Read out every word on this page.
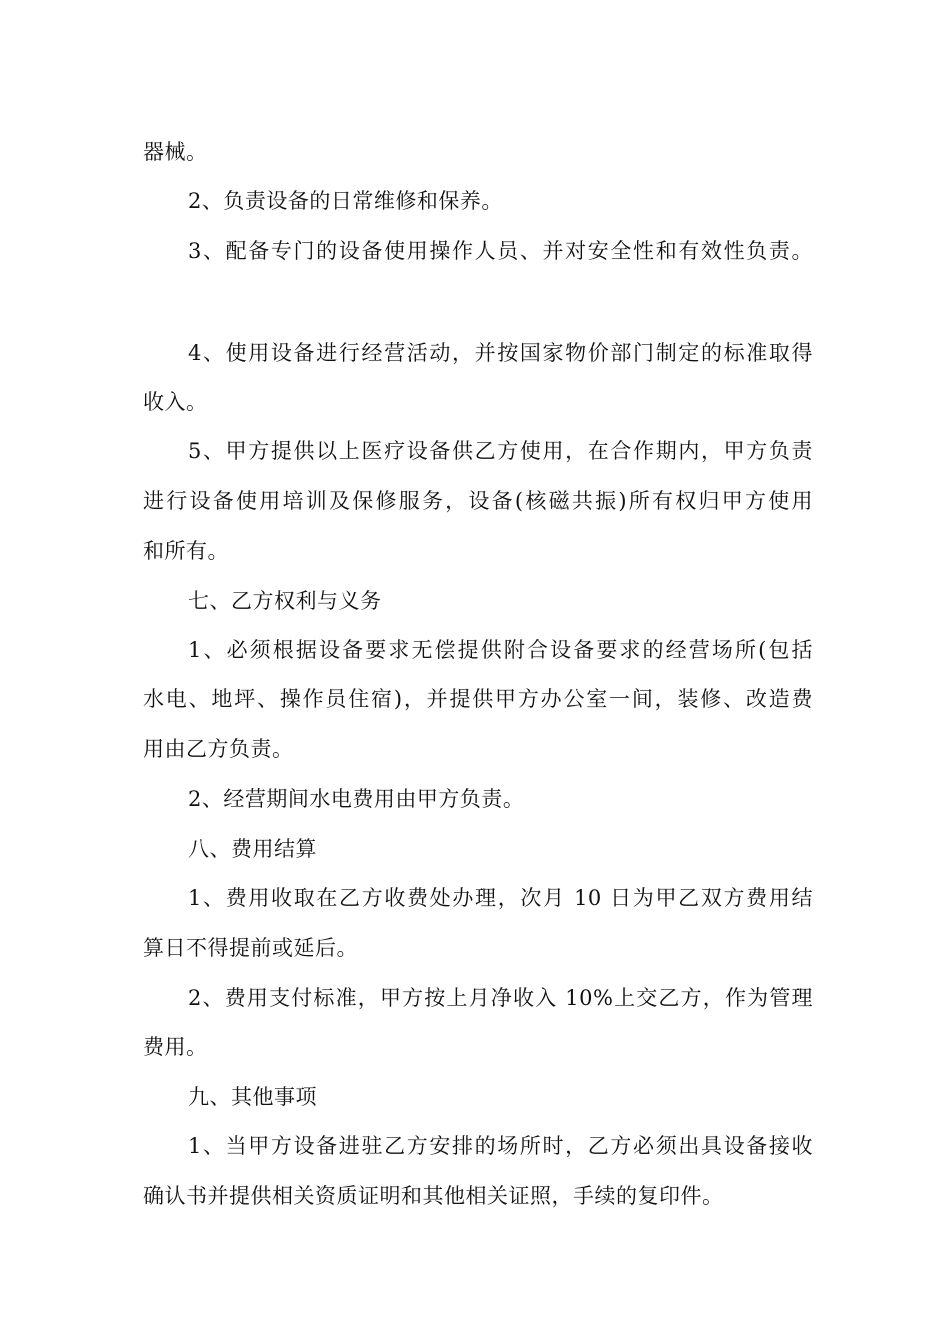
器械。
2、负责设备的日常维修和保养。
3、配备专门的设备使用操作人员、并对安全性和有效性负责。
4、使用设备进行经营活动，并按国家物价部门制定的标准取得
收入。
5、甲方提供以上医疗设备供乙方使用，在合作期内，甲方负责
进行设备使用培训及保修服务，设备(核磁共振)所有权归甲方使用
和所有。
七、乙方权利与义务
1、必须根据设备要求无偿提供附合设备要求的经营场所(包括
水电、地坪、操作员住宿)，并提供甲方办公室一间，装修、改造费
用由乙方负责。
2、经营期间水电费用由甲方负责。
八、费用结算
1、费用收取在乙方收费处办理，次月 10 日为甲乙双方费用结
算日不得提前或延后。
2、费用支付标准，甲方按上月净收入 10%上交乙方，作为管理
费用。
九、其他事项
1、当甲方设备进驻乙方安排的场所时，乙方必须出具设备接收
确认书并提供相关资质证明和其他相关证照，手续的复印件。
